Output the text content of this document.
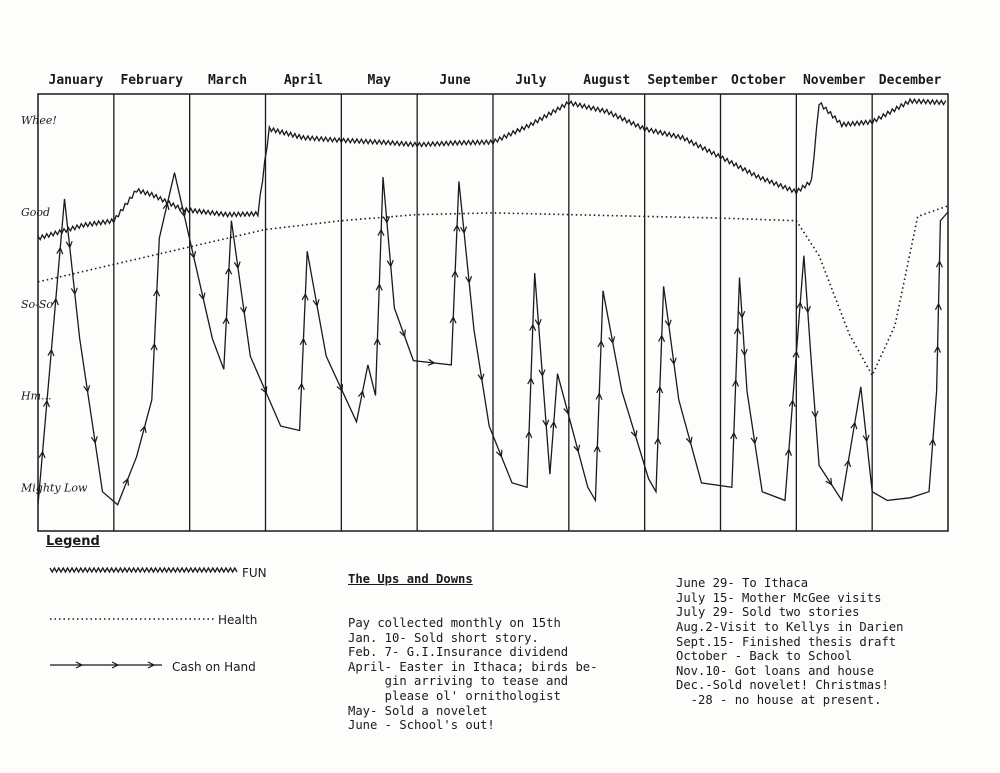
January February March	April	May	June	July	August September October November December
Whee!
Good
So-So
Hm...
Mighty Low
Legend
FUN
Health
Cash on Hand

The Ups and Downs

Pay collected monthly on 15th
Jan. 10- Sold short story.
Feb. 7- G.I.Insurance dividend
April- Easter in Ithaca; birds be-
gin arriving to tease and
please ol' ornithologist
May- Sold a novelet
June - School's out!

June 29- To Ithaca
July 15- Mother McGee visits
July 29- Sold two stories
Aug.2-Visit to Kellys in Darien
Sept.15- Finished thesis draft
October - Back to School
Nov.10- Got loans and house
Dec.-Sold novelet! Christmas!
-28 - no house at present.
